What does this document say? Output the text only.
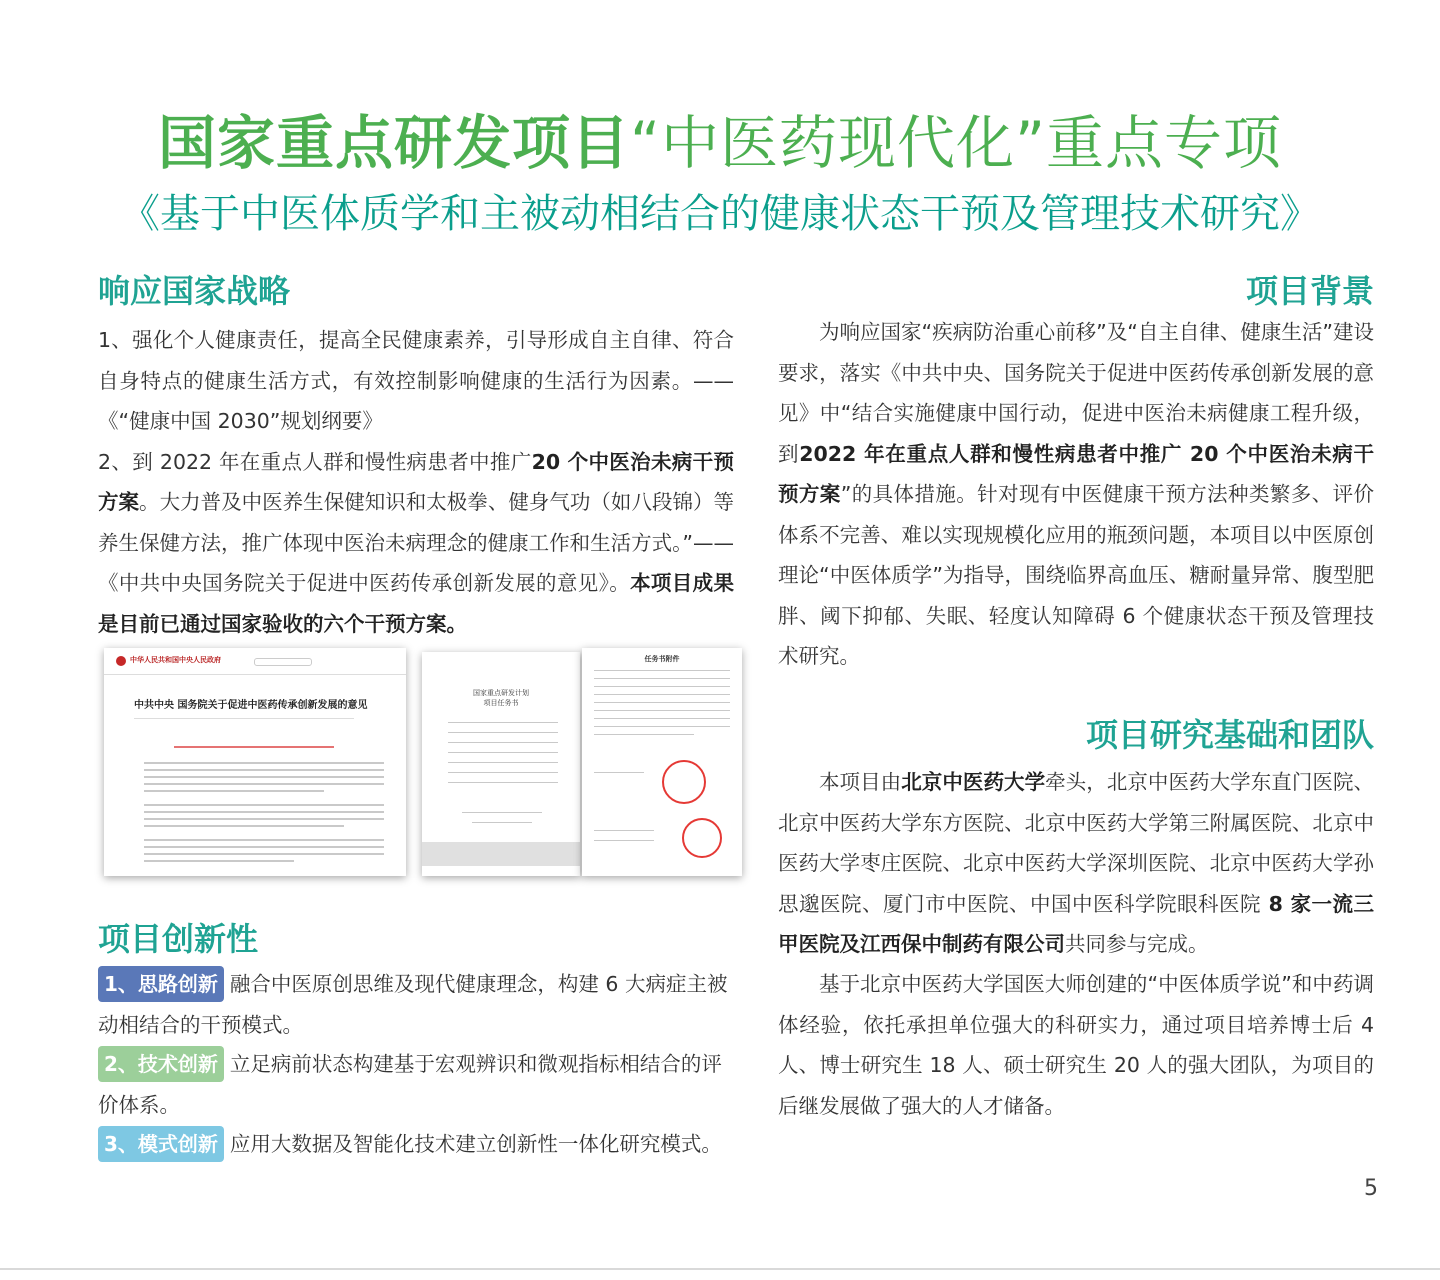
国家重点研发项目“中医药现代化”重点专项
《基于中医体质学和主被动相结合的健康状态干预及管理技术研究》
响应国家战略
1、强化个人健康责任，提高全民健康素养，引导形成自主自律、符合自身特点的健康生活方式，有效控制影响健康的生活行为因素。——《“健康中国 2030”规划纲要》
2、到 2022 年在重点人群和慢性病患者中推广20 个中医治未病干预方案。大力普及中医养生保健知识和太极拳、健身气功（如八段锦）等养生保健方法，推广体现中医治未病理念的健康工作和生活方式。”——《中共中央国务院关于促进中医药传承创新发展的意见》。本项目成果是目前已通过国家验收的六个干预方案。
中华人民共和国中央人民政府
中共中央 国务院关于促进中医药传承创新发展的意见
国家重点研发计划
项目任务书
任务书附件
项目创新性
1、思路创新 融合中医原创思维及现代健康理念，构建 6 大病症主被动相结合的干预模式。
2、技术创新 立足病前状态构建基于宏观辨识和微观指标相结合的评价体系。
3、模式创新 应用大数据及智能化技术建立创新性一体化研究模式。
项目背景
为响应国家“疾病防治重心前移”及“自主自律、健康生活”建设要求，落实《中共中央、国务院关于促进中医药传承创新发展的意见》中“结合实施健康中国行动，促进中医治未病健康工程升级，到2022 年在重点人群和慢性病患者中推广 20 个中医治未病干预方案”的具体措施。针对现有中医健康干预方法种类繁多、评价体系不完善、难以实现规模化应用的瓶颈问题，本项目以中医原创理论“中医体质学”为指导，围绕临界高血压、糖耐量异常、腹型肥胖、阈下抑郁、失眠、轻度认知障碍 6 个健康状态干预及管理技术研究。
项目研究基础和团队
本项目由北京中医药大学牵头，北京中医药大学东直门医院、北京中医药大学东方医院、北京中医药大学第三附属医院、北京中医药大学枣庄医院、北京中医药大学深圳医院、北京中医药大学孙思邈医院、厦门市中医院、中国中医科学院眼科医院 8 家一流三甲医院及江西保中制药有限公司共同参与完成。
基于北京中医药大学国医大师创建的“中医体质学说”和中药调体经验，依托承担单位强大的科研实力，通过项目培养博士后 4 人、博士研究生 18 人、硕士研究生 20 人的强大团队，为项目的后继发展做了强大的人才储备。
5
